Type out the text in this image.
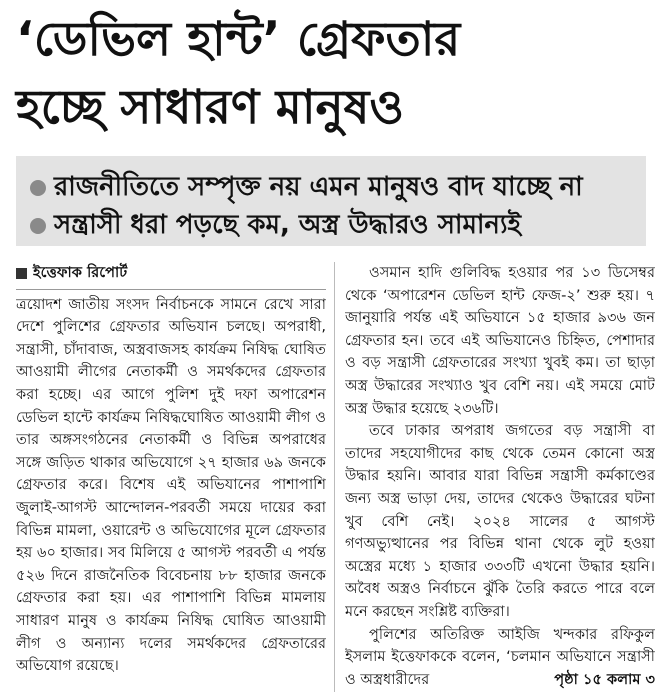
‘ডেভিল হান্ট’ গ্রেফতার
হচ্ছে সাধারণ মানুষও
রাজনীতিতে সম্পৃক্ত নয় এমন মানুষও বাদ যাচ্ছে না
সন্ত্রাসী ধরা পড়ছে কম, অস্ত্র উদ্ধারও সামান্যই
ইত্তেফাক রিপোর্ট

ত্রয়োদশ জাতীয় সংসদ নির্বাচনকে সামনে রেখে সারা দেশে পুলিশের গ্রেফতার অভিযান চলছে। অপরাধী, সন্ত্রাসী, চাঁদাবাজ, অস্ত্রবাজসহ কার্যক্রম নিষিদ্ধ ঘোষিত আওয়ামী লীগের নেতাকর্মী ও সমর্থকদের গ্রেফতার করা হচ্ছে। এর আগে পুলিশ দুই দফা অপারেশন ডেভিল হান্টে কার্যক্রম নিষিদ্ধঘোষিত আওয়ামী লীগ ও তার অঙ্গসংগঠনের নেতাকর্মী ও বিভিন্ন অপরাধের সঙ্গে জড়িত থাকার অভিযোগে ২৭ হাজার ৬৯ জনকে গ্রেফতার করে। বিশেষ এই অভিযানের পাশাপাশি জুলাই-আগস্ট আন্দোলন-পরবর্তী সময়ে দায়ের করা বিভিন্ন মামলা, ওয়ারেন্ট ও অভিযোগের মূলে গ্রেফতার হয় ৬০ হাজার। সব মিলিয়ে ৫ আগস্ট পরবর্তী এ পর্যন্ত ৫২৬ দিনে রাজনৈতিক বিবেচনায় ৮৮ হাজার জনকে গ্রেফতার করা হয়। এর পাশাপাশি বিভিন্ন মামলায় সাধারণ মানুষ ও কার্যক্রম নিষিদ্ধ ঘোষিত আওয়ামী লীগ ও অন্যান্য দলের সমর্থকদের গ্রেফতারের অভিযোগ রয়েছে।

ওসমান হাদি গুলিবিদ্ধ হওয়ার পর ১৩ ডিসেম্বর থেকে ‘অপারেশন ডেভিল হান্ট ফেজ-২’ শুরু হয়। ৭ জানুয়ারি পর্যন্ত এই অভিযানে ১৫ হাজার ৯৩৬ জন গ্রেফতার হন। তবে এই অভিযানেও চিহ্নিত, পেশাদার ও বড় সন্ত্রাসী গ্রেফতারের সংখ্যা খুবই কম। তা ছাড়া অস্ত্র উদ্ধারের সংখ্যাও খুব বেশি নয়। এই সময়ে মোট অস্ত্র উদ্ধার হয়েছে ২৩৬টি।

তবে ঢাকার অপরাধ জগতের বড় সন্ত্রাসী বা তাদের সহযোগীদের কাছ থেকে তেমন কোনো অস্ত্র উদ্ধার হয়নি। আবার যারা বিভিন্ন সন্ত্রাসী কর্মকাণ্ডের জন্য অস্ত্র ভাড়া দেয়, তাদের থেকেও উদ্ধারের ঘটনা খুব বেশি নেই। ২০২৪ সালের ৫ আগস্ট গণঅভ্যুত্থানের পর বিভিন্ন থানা থেকে লুট হওয়া অস্ত্রের মধ্যে ১ হাজার ৩৩৩টি এখনো উদ্ধার হয়নি। অবৈধ অস্ত্রও নির্বাচনে ঝুঁকি তৈরি করতে পারে বলে মনে করছেন সংশ্লিষ্ট ব্যক্তিরা।

পুলিশের অতিরিক্ত আইজি খন্দকার রফিকুল ইসলাম ইত্তেফাককে বলেন, ‘চলমান অভিযানে সন্ত্রাসী ও অস্ত্রধারীদের	পৃষ্ঠা ১৫ কলাম ৩
